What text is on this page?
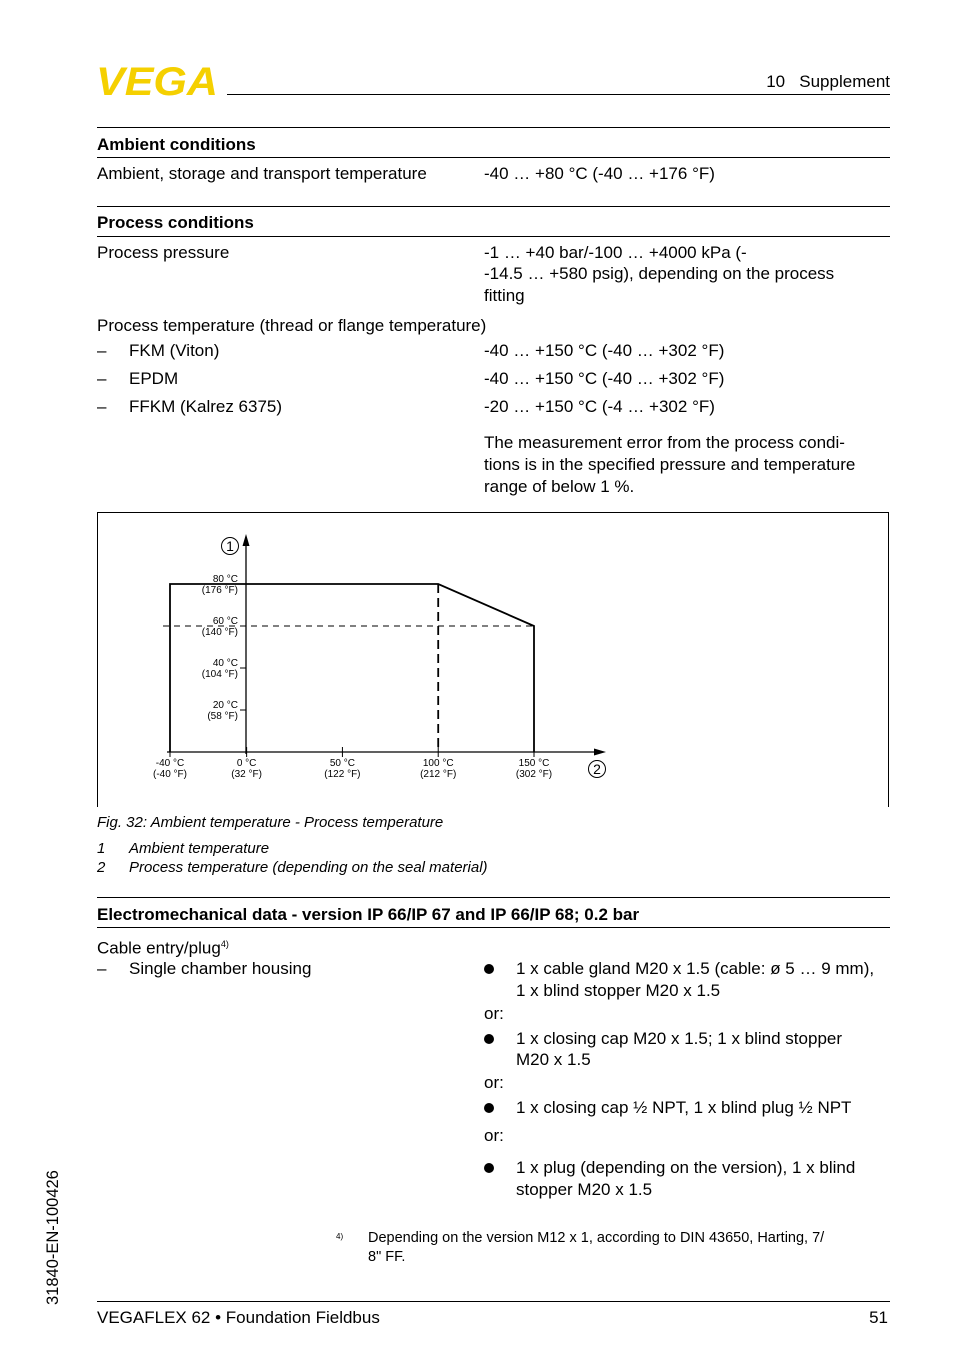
VEGA	10   Supplement
Ambient conditions
Ambient, storage and transport temperature	-40 … +80 °C (-40 … +176 °F)
Process conditions
Process pressure	-1 … +40 bar/-100 … +4000 kPa (-
-14.5 … +580 psig), depending on the process
fitting
Process temperature (thread or flange temperature)
– FKM (Viton)	-40 … +150 °C (-40 … +302 °F)
– EPDM	-40 … +150 °C (-40 … +302 °F)
– FFKM (Kalrez 6375)	-20 … +150 °C (-4 … +302 °F)
The measurement error from the process condi-
tions is in the specified pressure and temperature
range of below 1 %.
1
2
-40 °C
(-40 °F)
0 °C
(32 °F)
50 °C
(122 °F)
100 °C
(212 °F)
150 °C
(302 °F)
20 °C
(58 °F)
40 °C
(104 °F)
60 °C
(140 °F)
80 °C
(176 °F)
Fig. 32: Ambient temperature - Process temperature
1 Ambient temperature
2 Process temperature (depending on the seal material)
Electromechanical data - version IP 66/IP 67 and IP 66/IP 68; 0.2 bar
Cable entry/plug$^{4)}$
– Single chamber housing	1 x cable gland M20 x 1.5 (cable: ø 5 … 9 mm),
1 x blind stopper M20 x 1.5
or:
1 x closing cap M20 x 1.5; 1 x blind stopper
M20 x 1.5
or:
1 x closing cap ½ NPT, 1 x blind plug ½ NPT
or:
1 x plug (depending on the version), 1 x blind
stopper M20 x 1.5
4) Depending on the version M12 x 1, according to DIN 43650, Harting, 7/
8" FF.
31840-EN-100426
VEGAFLEX 62 • Foundation Fieldbus	51
